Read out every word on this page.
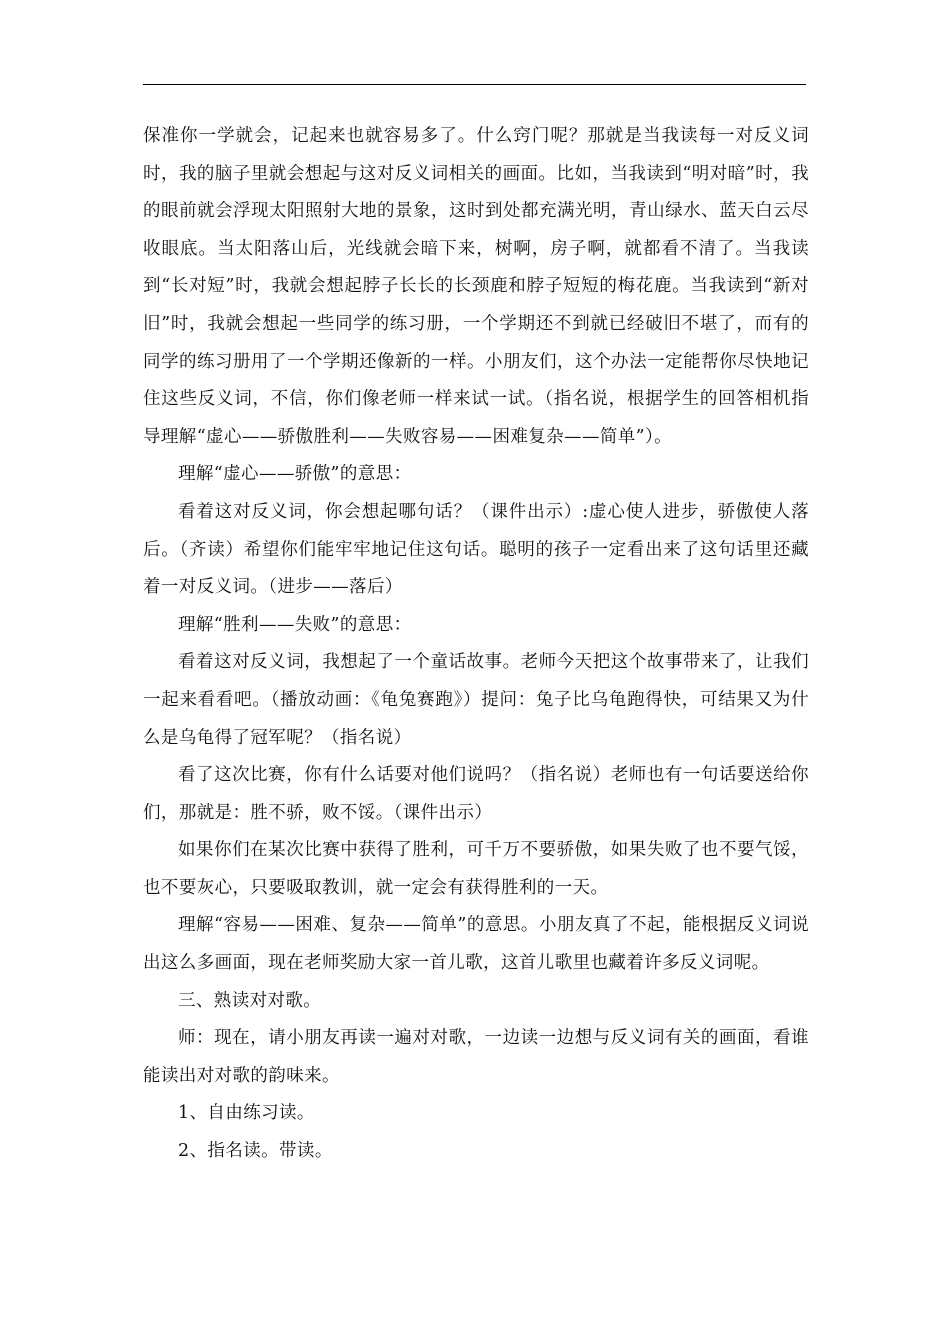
保准你一学就会，记起来也就容易多了。什么窍门呢？那就是当我读每一对反义词时，我的脑子里就会想起与这对反义词相关的画面。比如，当我读到“明对暗”时，我的眼前就会浮现太阳照射大地的景象，这时到处都充满光明，青山绿水、蓝天白云尽收眼底。当太阳落山后，光线就会暗下来，树啊，房子啊，就都看不清了。当我读到“长对短”时，我就会想起脖子长长的长颈鹿和脖子短短的梅花鹿。当我读到“新对旧”时，我就会想起一些同学的练习册，一个学期还不到就已经破旧不堪了，而有的同学的练习册用了一个学期还像新的一样。小朋友们，这个办法一定能帮你尽快地记住这些反义词，不信，你们像老师一样来试一试。（指名说，根据学生的回答相机指导理解“虚心——骄傲胜利——失败容易——困难复杂——简单”）。

理解“虚心——骄傲”的意思：

看着这对反义词，你会想起哪句话？（课件出示）:虚心使人进步，骄傲使人落后。（齐读）希望你们能牢牢地记住这句话。聪明的孩子一定看出来了这句话里还藏着一对反义词。（进步——落后）

理解“胜利——失败”的意思：

看着这对反义词，我想起了一个童话故事。老师今天把这个故事带来了，让我们一起来看看吧。（播放动画：《龟兔赛跑》）提问：兔子比乌龟跑得快，可结果又为什么是乌龟得了冠军呢？（指名说）

看了这次比赛，你有什么话要对他们说吗？（指名说）老师也有一句话要送给你们，那就是：胜不骄，败不馁。（课件出示）

如果你们在某次比赛中获得了胜利，可千万不要骄傲，如果失败了也不要气馁，也不要灰心，只要吸取教训，就一定会有获得胜利的一天。

理解“容易——困难、复杂——简单”的意思。小朋友真了不起，能根据反义词说出这么多画面，现在老师奖励大家一首儿歌，这首儿歌里也藏着许多反义词呢。

三、熟读对对歌。

师：现在，请小朋友再读一遍对对歌，一边读一边想与反义词有关的画面，看谁能读出对对歌的韵味来。

1、自由练习读。

2、指名读。带读。
